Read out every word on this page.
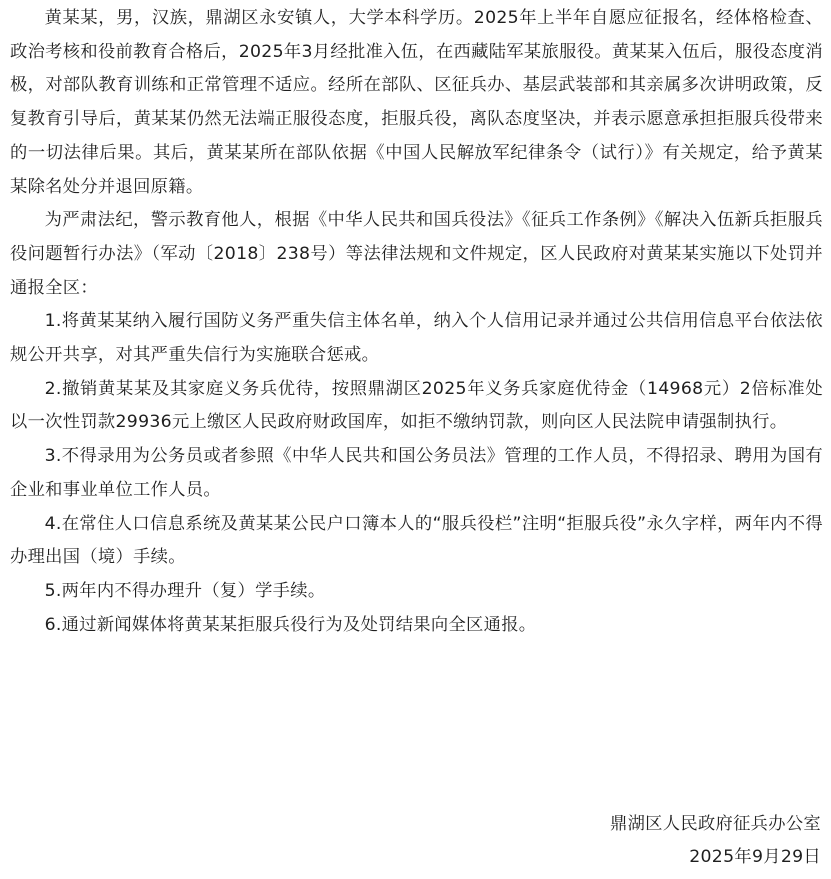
黄某某，男，汉族，鼎湖区永安镇人，大学本科学历。2025年上半年自愿应征报名，经体格检查、政治考核和役前教育合格后，2025年3月经批准入伍，在西藏陆军某旅服役。黄某某入伍后，服役态度消极，对部队教育训练和正常管理不适应。经所在部队、区征兵办、基层武装部和其亲属多次讲明政策，反复教育引导后，黄某某仍然无法端正服役态度，拒服兵役，离队态度坚决，并表示愿意承担拒服兵役带来的一切法律后果。其后，黄某某所在部队依据《中国人民解放军纪律条令（试行）》有关规定，给予黄某某除名处分并退回原籍。

为严肃法纪，警示教育他人，根据《中华人民共和国兵役法》《征兵工作条例》《解决入伍新兵拒服兵役问题暂行办法》（军动〔2018〕238号）等法律法规和文件规定，区人民政府对黄某某实施以下处罚并通报全区：

1.将黄某某纳入履行国防义务严重失信主体名单，纳入个人信用记录并通过公共信用信息平台依法依规公开共享，对其严重失信行为实施联合惩戒。

2.撤销黄某某及其家庭义务兵优待，按照鼎湖区2025年义务兵家庭优待金（14968元）2倍标准处以一次性罚款29936元上缴区人民政府财政国库，如拒不缴纳罚款，则向区人民法院申请强制执行。

3.不得录用为公务员或者参照《中华人民共和国公务员法》管理的工作人员，不得招录、聘用为国有企业和事业单位工作人员。

4.在常住人口信息系统及黄某某公民户口簿本人的“服兵役栏”注明“拒服兵役”永久字样，两年内不得办理出国（境）手续。

5.两年内不得办理升（复）学手续。

6.通过新闻媒体将黄某某拒服兵役行为及处罚结果向全区通报。

鼎湖区人民政府征兵办公室
2025年9月29日
